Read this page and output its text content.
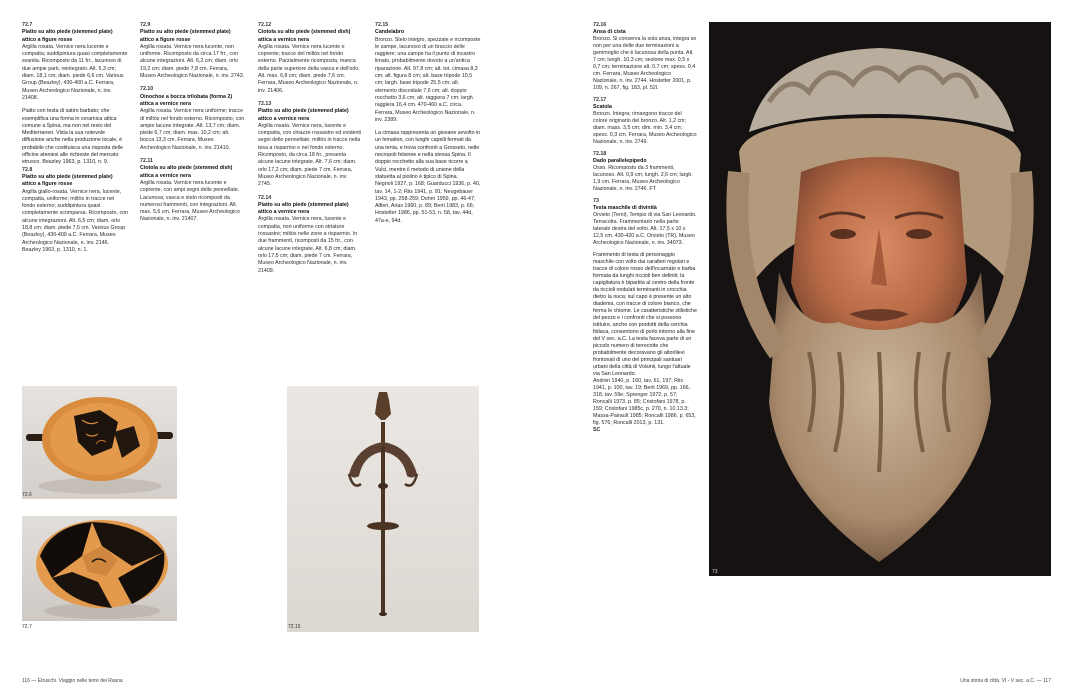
72.7

Piatto su alto piede (stemmed plate) attico a figure rosse

Argilla rosata. Vernice nera lucente e compatta; suddipintura quasi completamente svanita. Ricomposto da 11 frr., lacunoso di due ampie parti, reintegrato. Alt. 5,3 cm; diam. 18,1 cm; diam. piede 6,6 cm. Various Group (Beazley), 430-400 a.C. Ferrara, Museo Archeologico Nazionale, n. inv. 21408.

Piatto con testa di satiro barbato; che esemplifica una forma in ceramica attica comune a Spina, ma non nel resto del Mediterraneo. Vista la sua notevole diffusione anche nella produzione locale, è probabile che costituisca una risposta delle officine ateniesi alle richieste del mercato etrusco. Beazley 1963, p. 1310, n. 9.

72.8

Piatto su alto piede (stemmed plate) attico a figure rosse

Argilla giallo-rosata. Vernice nera, lucente, compatta, uniforme; miltòs in tracce nel fondo esterno; suddipintura quasi completamente scomparsa. Ricomposto, con alcune integrazioni. Alt. 6,5 cm; diam. orlo 18,8 cm; diam. piede 7,5 cm. Various Group (Beazley), 430-400 a.C. Ferrara, Museo Archeologico Nazionale, n. inv. 2146. Beazley 1963, p. 1310, n. 1.

72.9

Piatto su alto piede (stemmed plate) attico a figure rosse

Argilla rosata. Vernice nera lucente, non uniforme. Ricomposto da circa 17 frr., con alcune integrazioni. Alt. 6,2 cm; diam. orlo 19,2 cm; diam. piede 7,8 cm. Ferrara, Museo Archeologico Nazionale, n. inv. 2743.

72.10

Oinochoe a bocca trilobata (forma 2) attica a vernice nera

Argilla rosata. Vernice nera uniforme; tracce di miltòs nel fondo esterno. Ricomposto, con ampie lacune integrate. Alt. 13,7 cm; diam. piede 6,7 cm; diam. max. 10,2 cm; alt. bocca 13,3 cm. Ferrara, Museo Archeologico Nazionale, n. inv. 21410.

72.11

Ciotola su alto piede (stemmed dish) attica a vernice nera

Argilla rosata. Vernice nera lucente e coprente, con ampi segni delle pennellate. Lacunosa; vasca e stelo ricomposti da numerosi frammenti, con integrazioni. Alt. max. 5,6 cm. Ferrara, Museo Archeologico Nazionale, n. inv. 21407.

72.12

Ciotola su alto piede (stemmed dish) attica a vernice nera

Argilla rosata. Vernice nera lucente e coprente; tracce del miltòs nel fondo esterno. Parzialmente ricomposta, manca della parte superiore della vasca e dell'orlo. Alt. max. 6,8 cm; diam. piede 7,6 cm. Ferrara, Museo Archeologico Nazionale, n. inv. 21406.

72.13

Piatto su alto piede (stemmed plate) attico a vernice nera

Argilla rosata. Vernice nera, lucente e compatta, con chiazze rossastre ed evidenti segni delle pennellate; miltòs in tracce nella tesa a risparmio e nel fondo esterno. Ricomposto, da circa 18 frr., presenta alcune lacune integrate. Alt. 7,6 cm; diam. orlo 17,2 cm; diam. piede 7 cm. Ferrara, Museo Archeologico Nazionale, n. inv. 2745.

72.14

Piatto su alto piede (stemmed plate) attico a vernice nera

Argilla rosata. Vernice nera, lucente e compatta, non uniforme con striature rossastre; miltòs nelle zone a risparmio. In due frammenti, ricomposti da 15 frr., con alcune lacune integrate. Alt. 6,8 cm; diam. orlo 17,5 cm; diam. piede 7 cm. Ferrara, Museo Archeologico Nazionale, n. inv. 21409.

72.15

Candelabro

Bronzo. Stelo integro, spezzate e ricomposte le zampe, lacunoso di un braccio delle raggiere; una zampe ha il punto di incastro limato, probabilmente dovuto a un'antica riparazione. Alt. 97,8 cm; alt. tot. cimasa 8,3 cm; alt. figura 8 cm; alt. base tripode 10,5 cm; largh. base tripode 25,5 cm; alt. elemento discoidale 7,6 cm; alt. doppio rocchetto 3,6 cm; alt. raggiera 7 cm; largh. raggiera 16,4 cm. 470-460 a.C. circa. Ferrara, Museo Archeologico Nazionale, n. inv. 2389.

La cimasa rappresenta un giovane avvolto in un himation, con lunghi capelli fermati da una tenia, e trova confronti a Grosseto, nelle necropoli felsinee e nella stessa Spina. Il doppio rocchetto alla sua base ricorre a Vulci, mentre il metodo di unione della statuetta al piolino è tipico di Spina.

Negrioli 1927, p. 168; Guarducci 1936, p. 40, tav. 14, 1-2; Riis 1941, p. 81; Neugebauer 1943, pp. 258-259; Dohrn 1959, pp. 46-47; Alfieri, Arias 1960, p. 89; Berti 1983, p. 66; Hostetter 1986, pp. 51-53, n. 58, tav. 44d, 47a-e, 94d.

72.16

Ansa di cista

Bronzo. Si conserva la sola ansa, integra se non per una delle due terminazioni a gemmoglio che è lacunosa della punta. Alt. 7 cm; lungh. 10,3 cm; sezione max. 0,5 x 0,7 cm; terminazione alt. 0,7 cm; spess. 0,4 cm. Ferrara, Museo Archeologico Nazionale, n. inv. 2744. Hostetter 2001, p. 109, n. 267, fig. 183, pl. 52l.

72.17

Scatola

Bronzo. Integra; rimangono tracce del colore originario del bronzo. Alt. 1,2 cm; diam. mass. 3,5 cm; dim. min. 3,4 cm; spess. 0,3 cm. Ferrara, Museo Archeologico Nazionale, n. inv. 2749.

72.18

Dado parallelepipedo

Osso. Ricomposto da 3 frammenti, lacunoso. Alt. 0,9 cm; lungh. 2,6 cm; largh. 1,9 cm. Ferrara, Museo Archeologico Nazionale, n. inv. 2746. FT

73

Testa maschile di divinità

Orvieto (Terni), Tempio di via San Leonardo. Terracotta. Frammentario nella parte laterale destra del volto. Alt. 17,5 x 10 x 12,5 cm. 430-420 a.C. Orvieto (TR), Museo Archeologico Nazionale, n. inv. 34073.

Frammento di testa di personaggio maschile con volto dai caratteri regolari e tracce di colore rosso dell'incarnato e barba formata da lunghi riccioli ben definiti; la capigliatura è bipartita al centro della fronte da riccioli ondulati terminanti in crocchia dietro la nuca; sul capo è presente un alto diadema, con tracce di colore bianco, che ferma le chiome. Le caratteristiche stilistiche del pezzo e i confronti che si possono istituire, anche con prodotti della cerchia fidiaca, consentono di porlo intorno alla fine del V sec. a.C. La testa faceva parte di un piccolo numero di terrecotte che probabilmente decoravano gli altorilievi frontonali di uno dei principali santuari urbani della città di Volsinii, lungo l'attuale via San Leonardo.

Andrén 1940, p. 160, tav. 61, 197; Riis 1941, p. 100, tav. 19; Berti 1969, pp. 166, 318, tav. 59e; Sprenger 1972, p. 57; Roncalli 1973, p. 85; Cristofani 1978, p. 159; Cristofani 1985c, p. 270, n. 10.13.3; Massa-Pairault 1985; Roncalli 1986, p. 653, fig. 576; Roncalli 2013, p. 131.

SC

72.6
72.7	72.15
73
116 — Etruschi. Viaggio nelle terre dei Rasna	Una storia di città. VI - V sec. a.C. — 117
